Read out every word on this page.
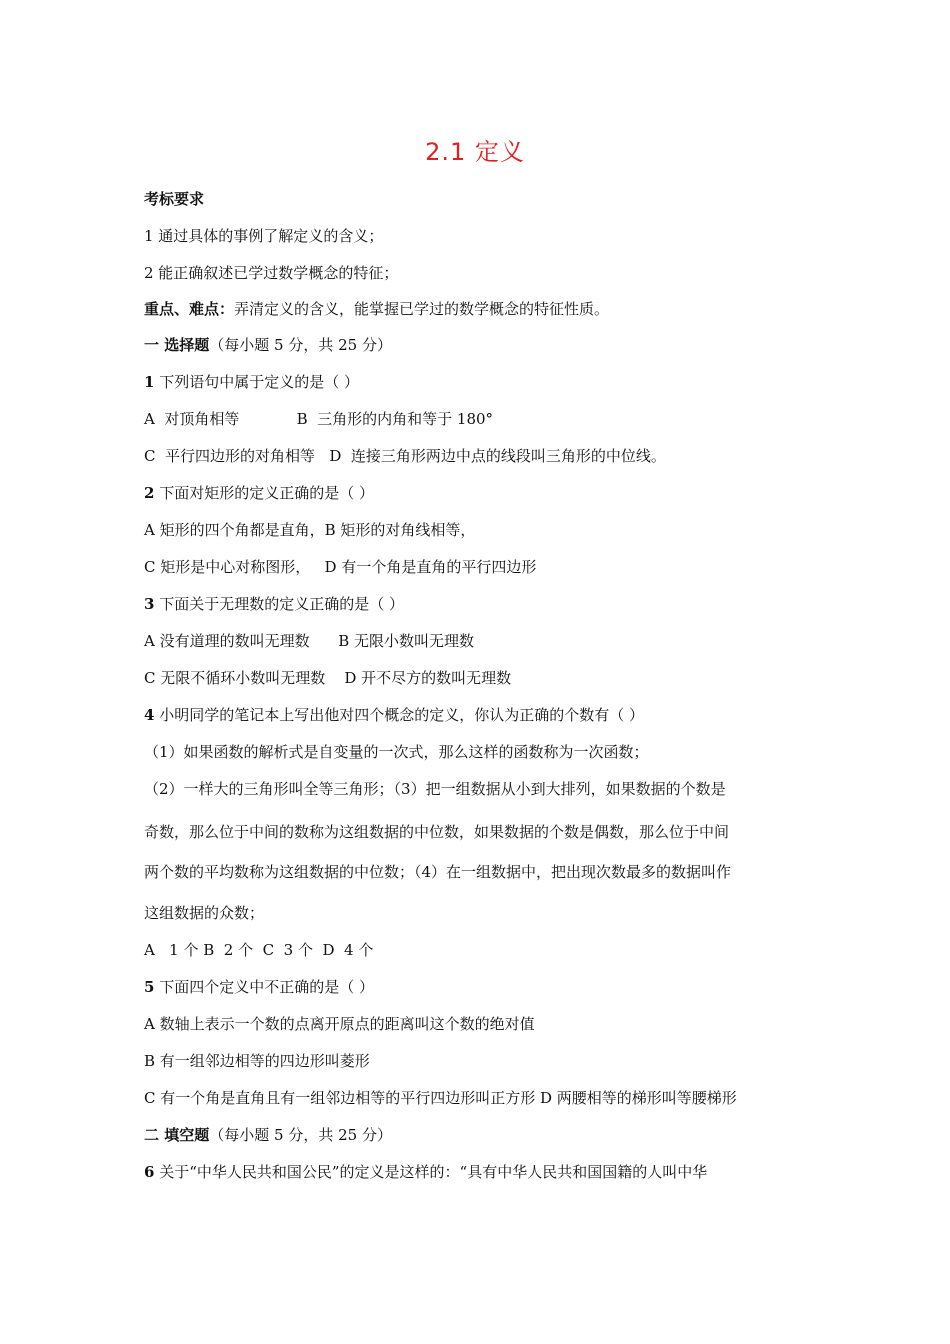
2.1 定义
考标要求
1 通过具体的事例了解定义的含义；
2 能正确叙述已学过数学概念的特征；
重点、难点：弄清定义的含义，能掌握已学过的数学概念的特征性质。
一 选择题（每小题 5 分，共 25 分）
1 下列语句中属于定义的是（ ）
A  对顶角相等            B  三角形的内角和等于 180°
C  平行四边形的对角相等   D  连接三角形两边中点的线段叫三角形的中位线。
2 下面对矩形的定义正确的是（ ）
A 矩形的四个角都是直角，B 矩形的对角线相等，
C 矩形是中心对称图形，   D 有一个角是直角的平行四边形
3 下面关于无理数的定义正确的是（ ）
A 没有道理的数叫无理数      B 无限小数叫无理数
C 无限不循环小数叫无理数    D 开不尽方的数叫无理数
4 小明同学的笔记本上写出他对四个概念的定义，你认为正确的个数有（ ）
（1）如果函数的解析式是自变量的一次式，那么这样的函数称为一次函数；
（2）一样大的三角形叫全等三角形；（3）把一组数据从小到大排列，如果数据的个数是
奇数，那么位于中间的数称为这组数据的中位数，如果数据的个数是偶数，那么位于中间
两个数的平均数称为这组数据的中位数；（4）在一组数据中，把出现次数最多的数据叫作
这组数据的众数；
A   1 个 B  2 个  C  3 个  D  4 个
5 下面四个定义中不正确的是（ ）
A 数轴上表示一个数的点离开原点的距离叫这个数的绝对值
B 有一组邻边相等的四边形叫菱形
C 有一个角是直角且有一组邻边相等的平行四边形叫正方形 D 两腰相等的梯形叫等腰梯形
二 填空题（每小题 5 分，共 25 分）
6 关于“中华人民共和国公民”的定义是这样的：“具有中华人民共和国国籍的人叫中华
